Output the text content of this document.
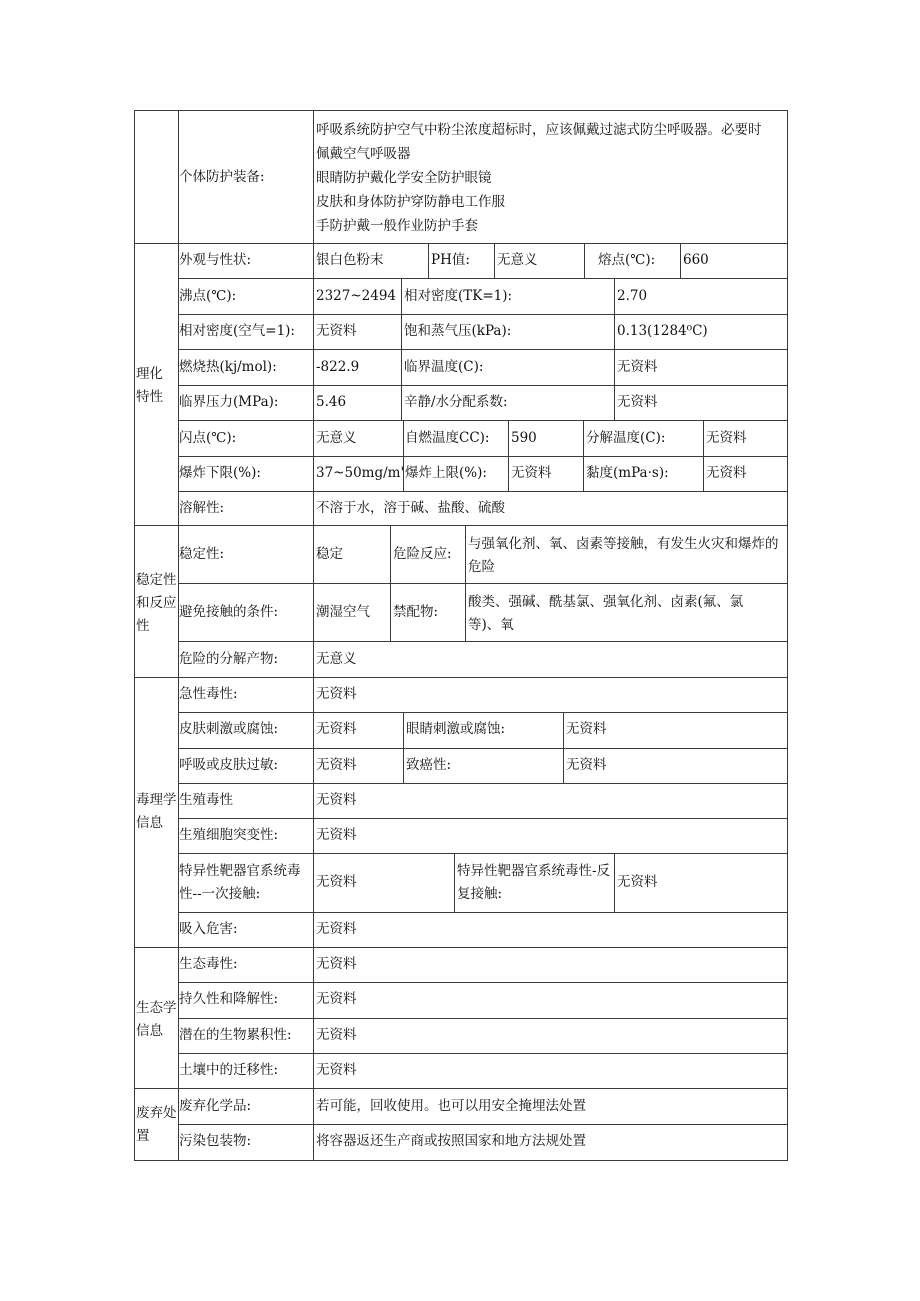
个体防护装备:
呼吸系统防护空气中粉尘浓度超标时，应该佩戴过滤式防尘呼吸器。必要时
佩戴空气呼吸器
眼睛防护戴化学安全防护眼镜
皮肤和身体防护穿防静电工作服
手防护戴一般作业防护手套
理化特性
外观与性状:	银白色粉末	PH值: 无意义	熔点(℃): 660
沸点(℃):	2327~2494 相对密度(TK=1):	2.70
相对密度(空气=1): 无资料	饱和蒸气压(kPa):	0.13(1284⁰C)
燃烧热(kj/mol):	-822.9	临界温度(C):	无资料
临界压力(MPa):	5.46	辛静/水分配系数:	无资料
闪点(℃):	无意义	自燃温度CC): 590	分解温度(C):	无资料
爆炸下限(%):	37~50mg/m' 爆炸上限(%): 无资料	黏度(mPa·s):	无资料
溶解性:	不溶于水，溶于碱、盐酸、硫酸
稳定性和反应性
稳定性:	稳定	危险反应:
与强氧化剂、氧、卤素等接触，有发生火灾和爆炸的危险
避免接触的条件:	潮湿空气 禁配物:
酸类、强碱、酰基氯、强氧化剂、卤素(氟、氯等)、氧
危险的分解产物:	无意义
毒理学信息
急性毒性:	无资料
皮肤刺激或腐蚀:	无资料	眼睛刺激或腐蚀:	无资料
呼吸或皮肤过敏:	无资料	致癌性:	无资料
生殖毒性	无资料
生殖细胞突变性:	无资料
特异性靶器官系统毒性--一次接触:
无资料
特异性靶器官系统毒性-反复接触:
无资料
吸入危害:	无资料
生态学信息
生态毒性:	无资料
持久性和降解性:	无资料
潜在的生物累积性: 无资料
土壤中的迁移性:	无资料
废弃处置
废弃化学品:	若可能，回收使用。也可以用安全掩埋法处置
污染包装物:	将容器返还生产商或按照国家和地方法规处置
